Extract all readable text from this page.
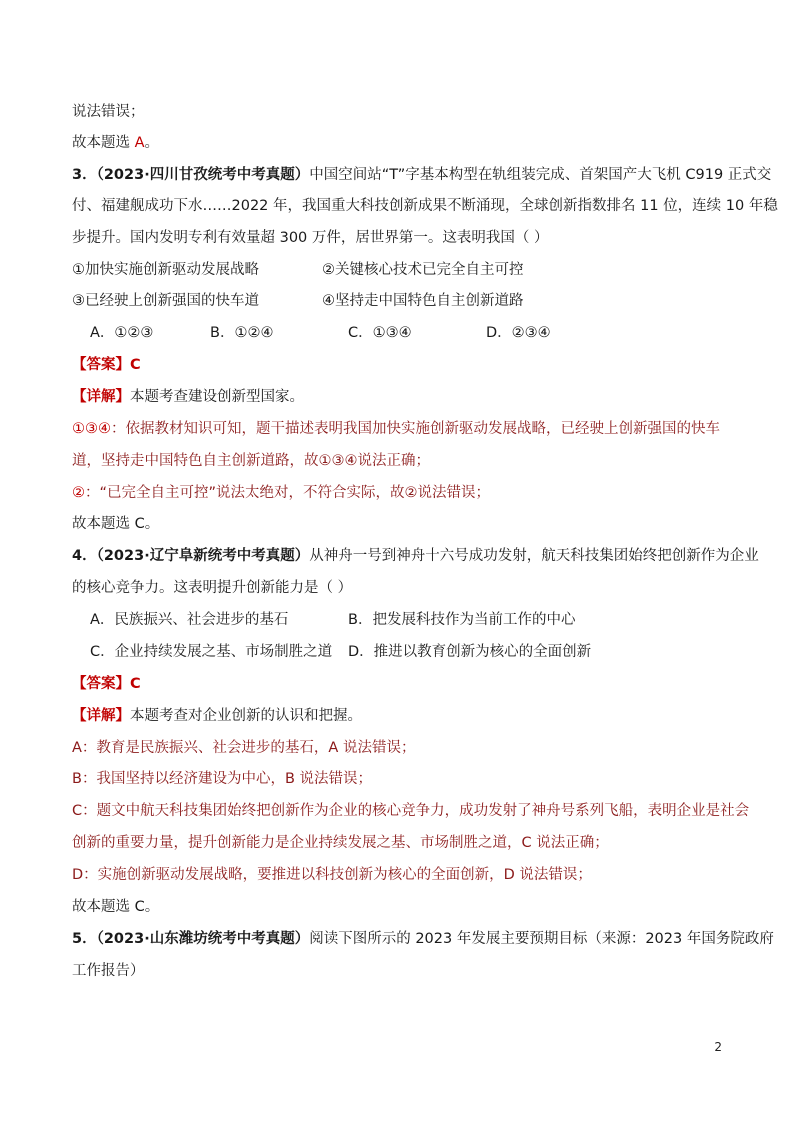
说法错误；
故本题选 A。
3．（2023·四川甘孜统考中考真题）中国空间站“T”字基本构型在轨组装完成、首架国产大飞机 C919 正式交
付、福建舰成功下水……2022 年，我国重大科技创新成果不断涌现，全球创新指数排名 11 位，连续 10 年稳
步提升。国内发明专利有效量超 300 万件，居世界第一。这表明我国（ ）
①加快实施创新驱动发展战略	②关键核心技术已完全自主可控
③已经驶上创新强国的快车道	④坚持走中国特色自主创新道路
A．①②③	B．①②④	C．①③④	D．②③④
【答案】C
【详解】本题考查建设创新型国家。
①③④：依据教材知识可知，题干描述表明我国加快实施创新驱动发展战略，已经驶上创新强国的快车
道，坚持走中国特色自主创新道路，故①③④说法正确；
②：“已完全自主可控”说法太绝对，不符合实际，故②说法错误；
故本题选 C。
4．（2023·辽宁阜新统考中考真题）从神舟一号到神舟十六号成功发射，航天科技集团始终把创新作为企业
的核心竞争力。这表明提升创新能力是（ ）
A．民族振兴、社会进步的基石	B．把发展科技作为当前工作的中心
C．企业持续发展之基、市场制胜之道 D．推进以教育创新为核心的全面创新
【答案】C
【详解】本题考查对企业创新的认识和把握。
A：教育是民族振兴、社会进步的基石，A 说法错误；
B：我国坚持以经济建设为中心，B 说法错误；
C：题文中航天科技集团始终把创新作为企业的核心竞争力，成功发射了神舟号系列飞船，表明企业是社会
创新的重要力量，提升创新能力是企业持续发展之基、市场制胜之道，C 说法正确；
D：实施创新驱动发展战略，要推进以科技创新为核心的全面创新，D 说法错误；
故本题选 C。
5．（2023·山东潍坊统考中考真题）阅读下图所示的 2023 年发展主要预期目标（来源：2023 年国务院政府
工作报告）
2
